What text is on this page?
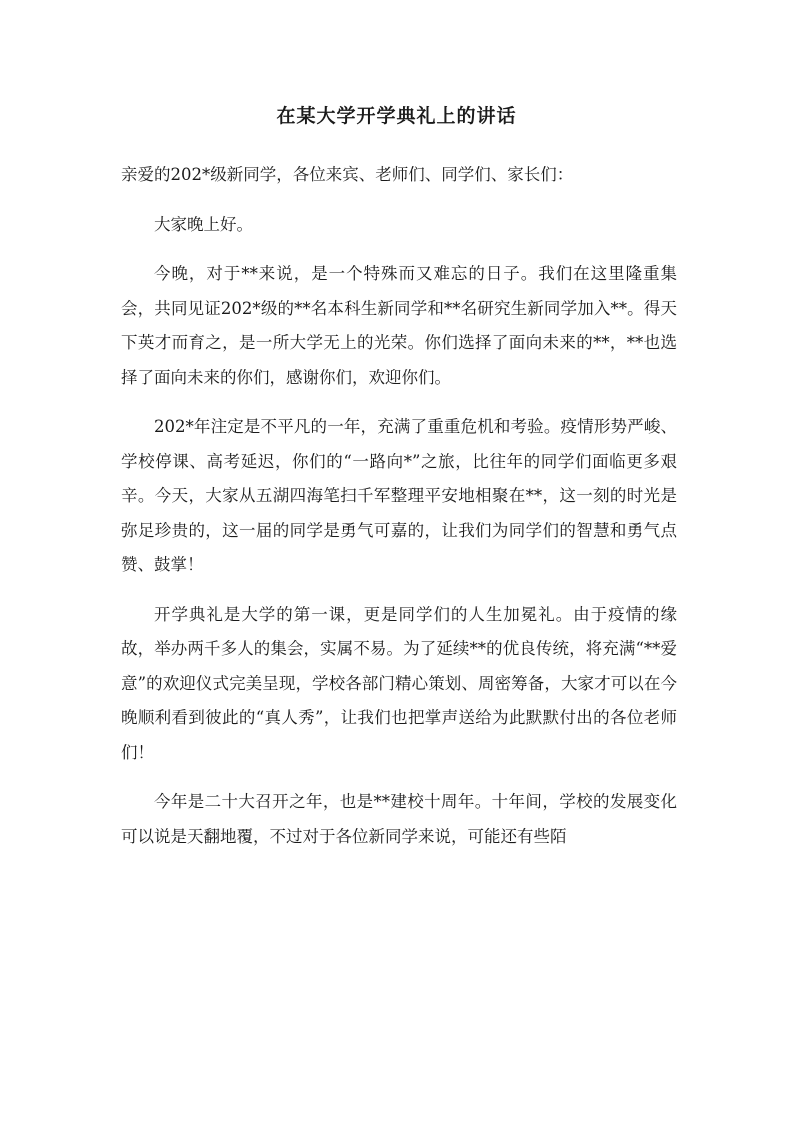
在某大学开学典礼上的讲话

亲爱的202*级新同学，各位来宾、老师们、同学们、家长们：

大家晚上好。

今晚，对于**来说，是一个特殊而又难忘的日子。我们在这里隆重集会，共同见证202*级的**名本科生新同学和**名研究生新同学加入**。得天下英才而育之，是一所大学无上的光荣。你们选择了面向未来的**，**也选择了面向未来的你们，感谢你们，欢迎你们。

202*年注定是不平凡的一年，充满了重重危机和考验。疫情形势严峻、学校停课、高考延迟，你们的“一路向*”之旅，比往年的同学们面临更多艰辛。今天，大家从五湖四海笔扫千军整理平安地相聚在**，这一刻的时光是弥足珍贵的，这一届的同学是勇气可嘉的，让我们为同学们的智慧和勇气点赞、鼓掌！

开学典礼是大学的第一课，更是同学们的人生加冕礼。由于疫情的缘故，举办两千多人的集会，实属不易。为了延续**的优良传统，将充满“**爱意”的欢迎仪式完美呈现，学校各部门精心策划、周密筹备，大家才可以在今晚顺利看到彼此的“真人秀”，让我们也把掌声送给为此默默付出的各位老师们！

今年是二十大召开之年，也是**建校十周年。十年间，学校的发展变化可以说是天翻地覆，不过对于各位新同学来说，可能还有些陌
